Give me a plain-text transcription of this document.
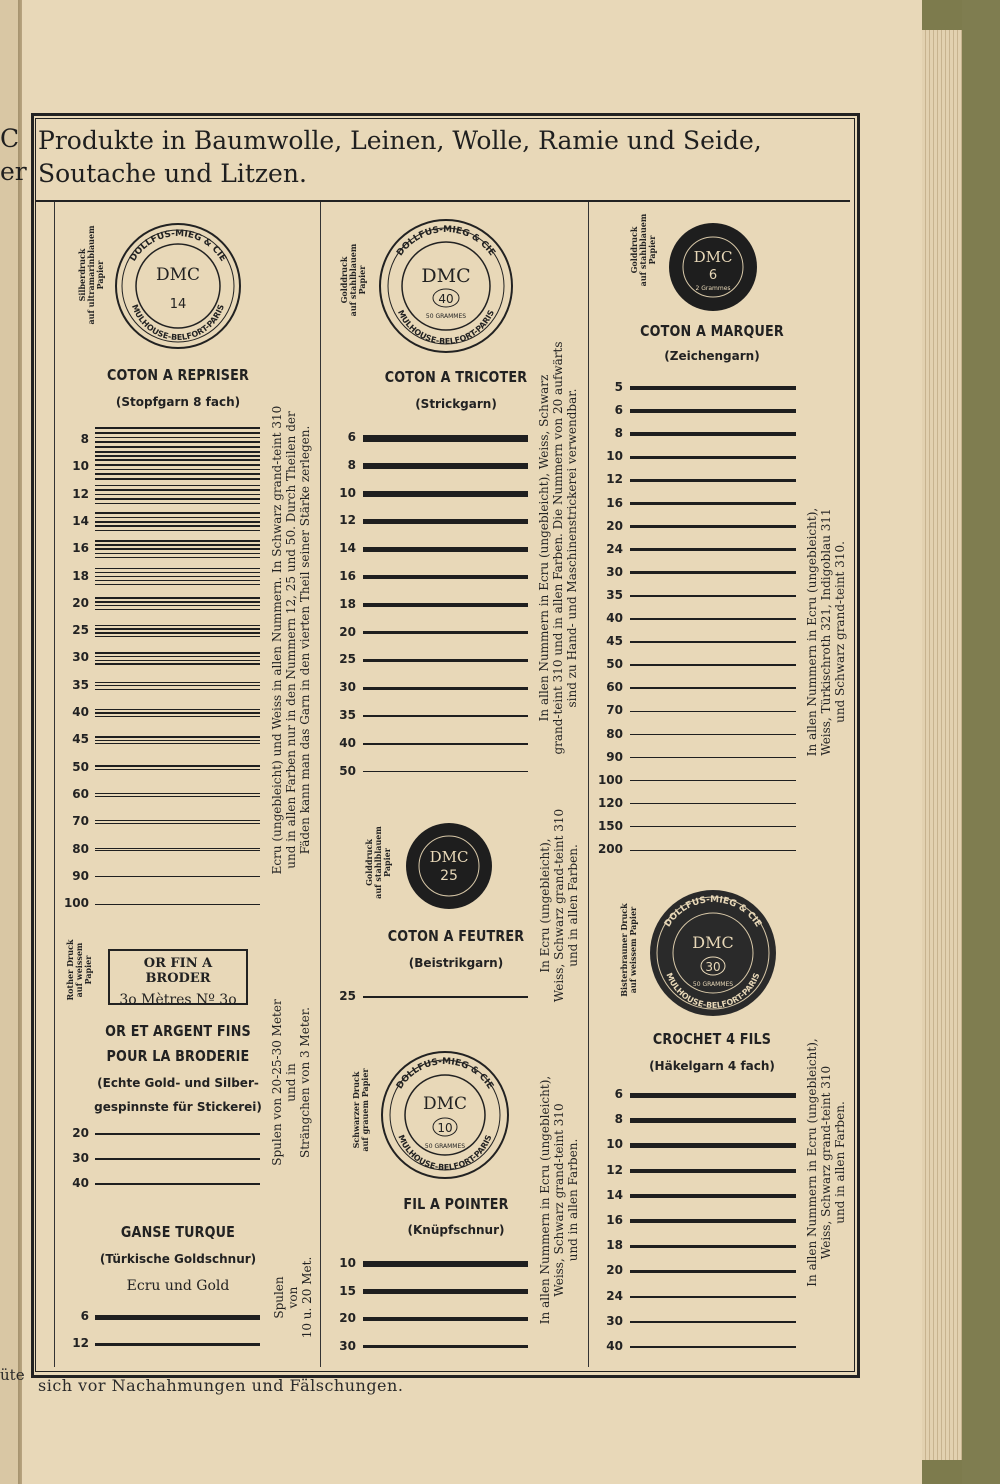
C
er
Produkte in Baumwolle, Leinen, Wolle, Ramie und Seide,
Soutache und Litzen.
üte
sich vor Nachahmungen und Fälschungen.
Silberdruck auf ultramarinblauem Papier
DOLLFUS-MIEG & CIE
MULHOUSE-BELFORT-PARIS
DMC
14
COTON A REPRISER
(Stopfgarn 8 fach)
8
10
12
14
16
18
20
25
30
35
40
45
50
60
70
80
90
100
Ecru (ungebleicht) und Weiss in allen Nummern. In Schwarz grand-teint 310 und in allen Farben nur in den Nummern 12, 25 und 50. Durch Theilen der Fäden kann man das Garn in den vierten Theil seiner Stärke zerlegen.
Rother Druck auf weissem Papier	OR FIN A BRODER
3o Mètres Nº 3o
OR ET ARGENT FINS
POUR LA BRODERIE
(Echte Gold- und Silber-
gespinnste für Stickerei)
20
30
40
Spulen von 20-25-30 Meter und in Strängchen von 3 Meter.
GANSE TURQUE
(Türkische Goldschnur)
Ecru und Gold
6
12
Spulen von 10 u. 20 Met.
Golddruck auf stahlblauem Papier
DOLLFUS-MIEG & CIE
MULHOUSE-BELFORT-PARIS
DMC
40
50 GRAMMES
COTON A TRICOTER
(Strickgarn)
6
8
10
12
14
16
18
20
25
30
35
40
50
In allen Nummern in Ecru (ungebleicht), Weiss, Schwarz grand-teint 310 und in allen Farben. Die Nummern von 20 aufwärts sind zu Hand- und Maschinenstrickerei verwendbar.
Golddruck auf stahlblauem Papier	DMC
25
COTON A FEUTRER
(Beistrikgarn)
25
In Ecru (ungebleicht), Weiss, Schwarz grand-teint 310 und in allen Farben.
Schwarzer Druck auf grauem Papier	DOLLFUS-MIEG & CIE
MULHOUSE-BELFORT-PARIS
DMC
10
50 GRAMMES
FIL A POINTER
(Knüpfschnur)
10
15
20
30
In allen Nummern in Ecru (ungebleicht), Weiss, Schwarz grand-teint 310 und in allen Farben.
Golddruck auf stahlblauem Papier DMC
6
2 Grammes
COTON A MARQUER
(Zeichengarn)
5
6
8
10
12
16
20
24
30
35
40
45
50
60
70
80
90
100
120
150
200
In allen Nummern in Ecru (ungebleicht), Weiss, Türkischroth 321, Indigoblau 311 und Schwarz grand-teint 310.
Bisterbrauner Druck auf weissem Papier	DOLLFUS-MIEG & CIE
MULHOUSE-BELFORT-PARIS
DMC
30
50 GRAMMES
CROCHET 4 FILS
(Häkelgarn 4 fach)
6
8
10
12
14
16
18
20
24
30
40
In allen Nummern in Ecru (ungebleicht), Weiss, Schwarz grand-teint 310 und in allen Farben.
